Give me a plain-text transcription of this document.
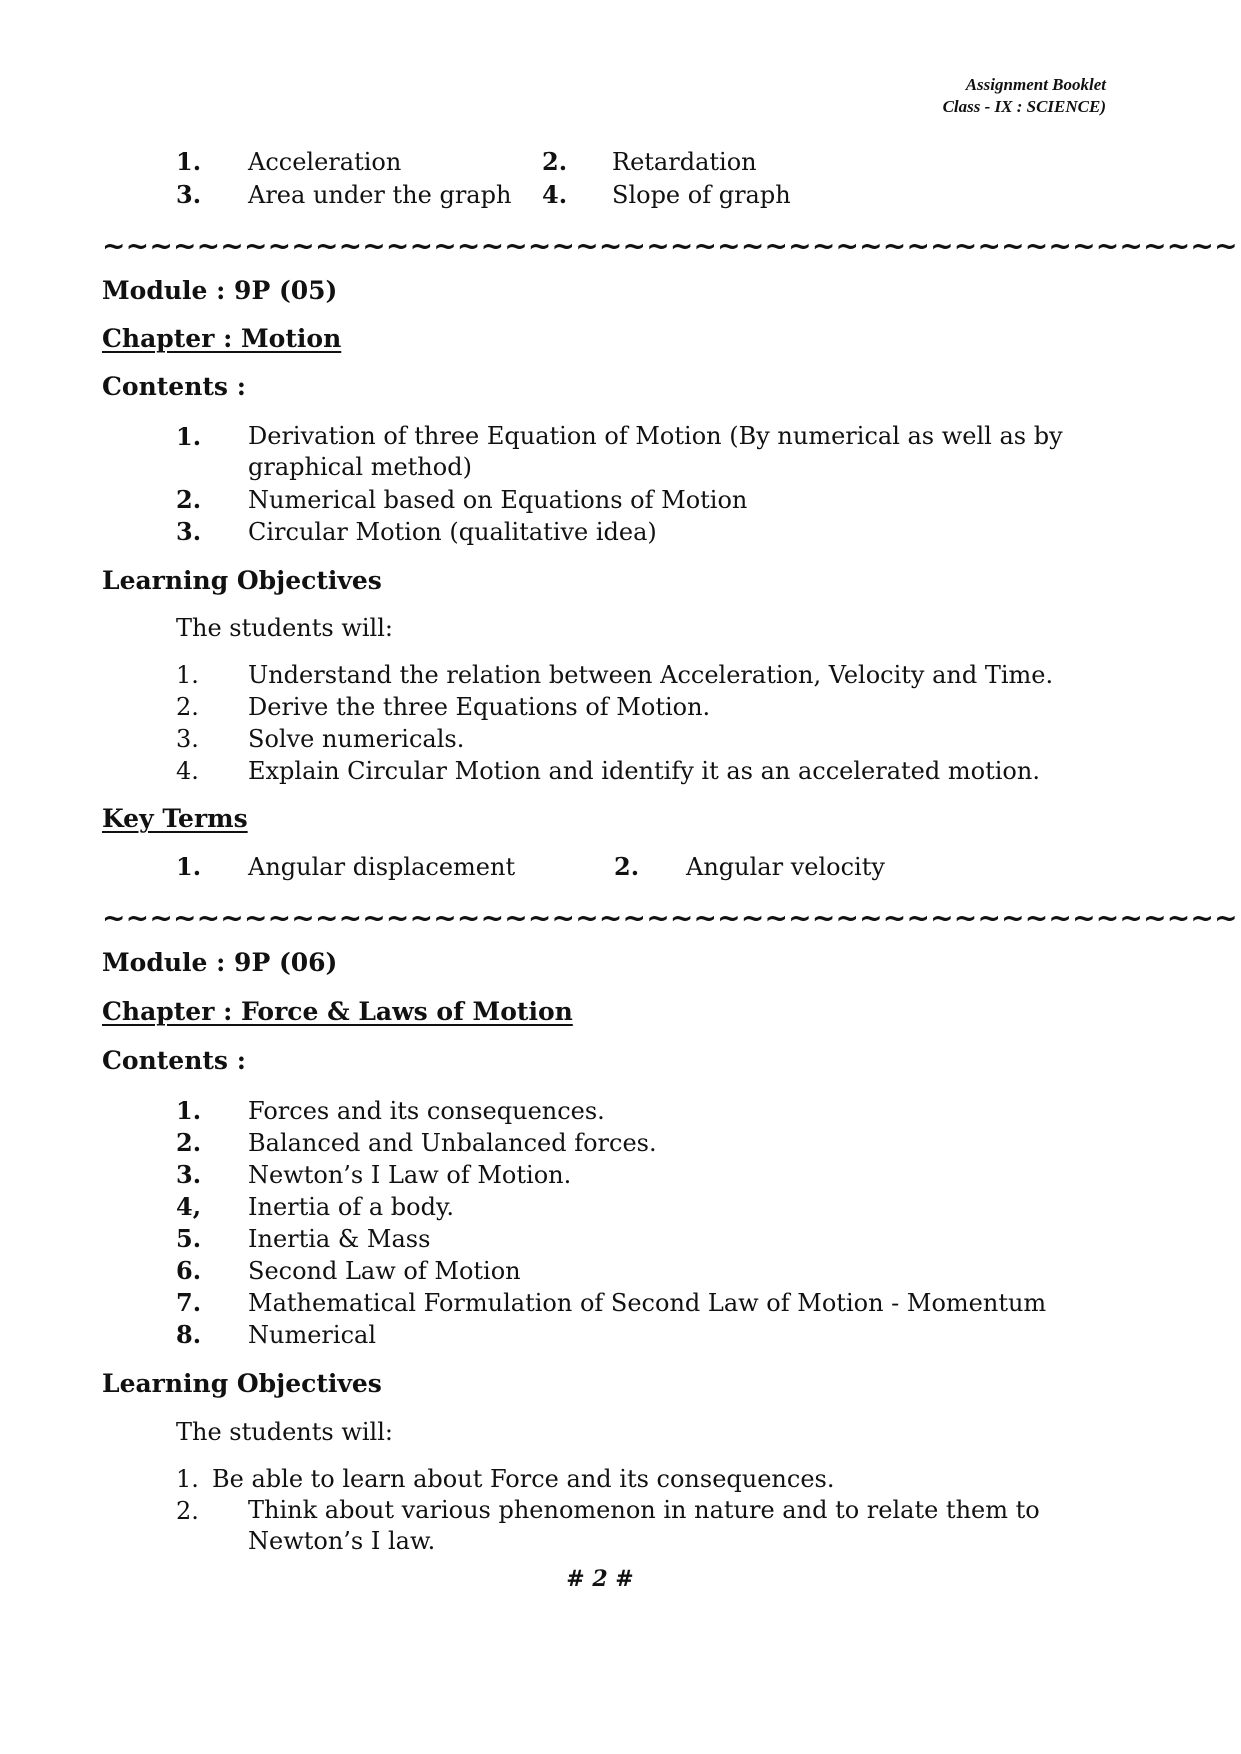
Assignment Booklet
Class - IX : SCIENCE)
1. Acceleration	2. Retardation
3. Area under the graph 4. Slope of graph
~~~~~~~~~~~~~~~~~~~~~~~~~~~~~~~~~~~~~~~~~~~~~~~~
Module : 9P (05)
Chapter : Motion
Contents :
1. Derivation of three Equation of Motion (By numerical as well as by graphical method)
2. Numerical based on Equations of Motion
3. Circular Motion (qualitative idea)
Learning Objectives
The students will:
1. Understand the relation between Acceleration, Velocity and Time.
2. Derive the three Equations of Motion.
3. Solve numericals.
4. Explain Circular Motion and identify it as an accelerated motion.
Key Terms
1. Angular displacement	2. Angular velocity
~~~~~~~~~~~~~~~~~~~~~~~~~~~~~~~~~~~~~~~~~~~~~~~~
Module : 9P (06)
Chapter : Force & Laws of Motion
Contents :
1. Forces and its consequences.
2. Balanced and Unbalanced forces.
3. Newton’s I Law of Motion.
4, Inertia of a body.
5. Inertia & Mass
6. Second Law of Motion
7. Mathematical Formulation of Second Law of Motion - Momentum
8. Numerical
Learning Objectives
The students will:
1. Be able to learn about Force and its consequences.
2. Think about various phenomenon in nature and to relate them to Newton’s I law.
# 2 #
